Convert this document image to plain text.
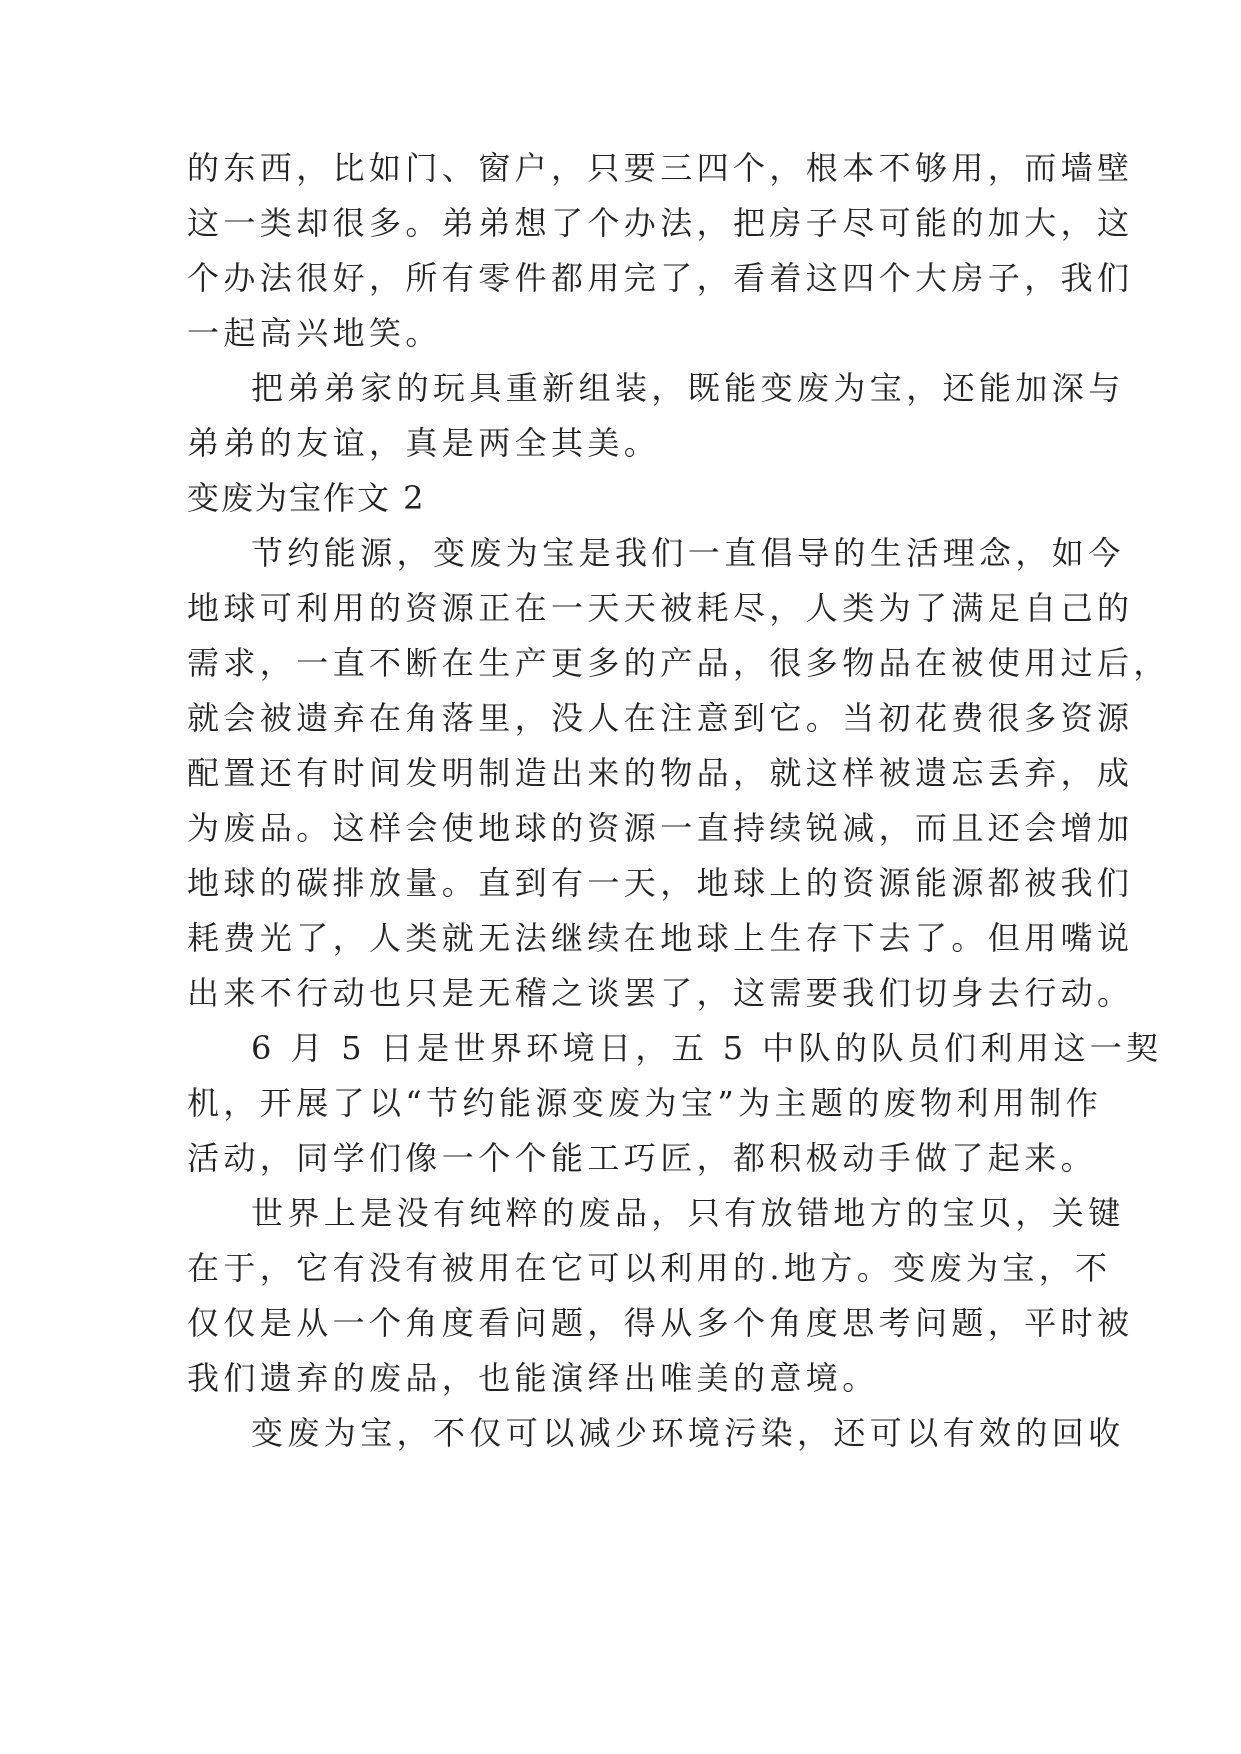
的东西，比如门、窗户，只要三四个，根本不够用，而墙壁
这一类却很多。弟弟想了个办法，把房子尽可能的加大，这
个办法很好，所有零件都用完了，看着这四个大房子，我们
一起高兴地笑。
把弟弟家的玩具重新组装，既能变废为宝，还能加深与
弟弟的友谊，真是两全其美。
变废为宝作文 2
节约能源，变废为宝是我们一直倡导的生活理念，如今
地球可利用的资源正在一天天被耗尽，人类为了满足自己的
需求，一直不断在生产更多的产品，很多物品在被使用过后，
就会被遗弃在角落里，没人在注意到它。当初花费很多资源
配置还有时间发明制造出来的物品，就这样被遗忘丢弃，成
为废品。这样会使地球的资源一直持续锐减，而且还会增加
地球的碳排放量。直到有一天，地球上的资源能源都被我们
耗费光了，人类就无法继续在地球上生存下去了。但用嘴说
出来不行动也只是无稽之谈罢了，这需要我们切身去行动。
6 月 5 日是世界环境日，五 5 中队的队员们利用这一契
机，开展了以“节约能源变废为宝”为主题的废物利用制作
活动，同学们像一个个能工巧匠，都积极动手做了起来。
世界上是没有纯粹的废品，只有放错地方的宝贝，关键
在于，它有没有被用在它可以利用的.地方。变废为宝，不
仅仅是从一个角度看问题，得从多个角度思考问题，平时被
我们遗弃的废品，也能演绎出唯美的意境。
变废为宝，不仅可以减少环境污染，还可以有效的回收
